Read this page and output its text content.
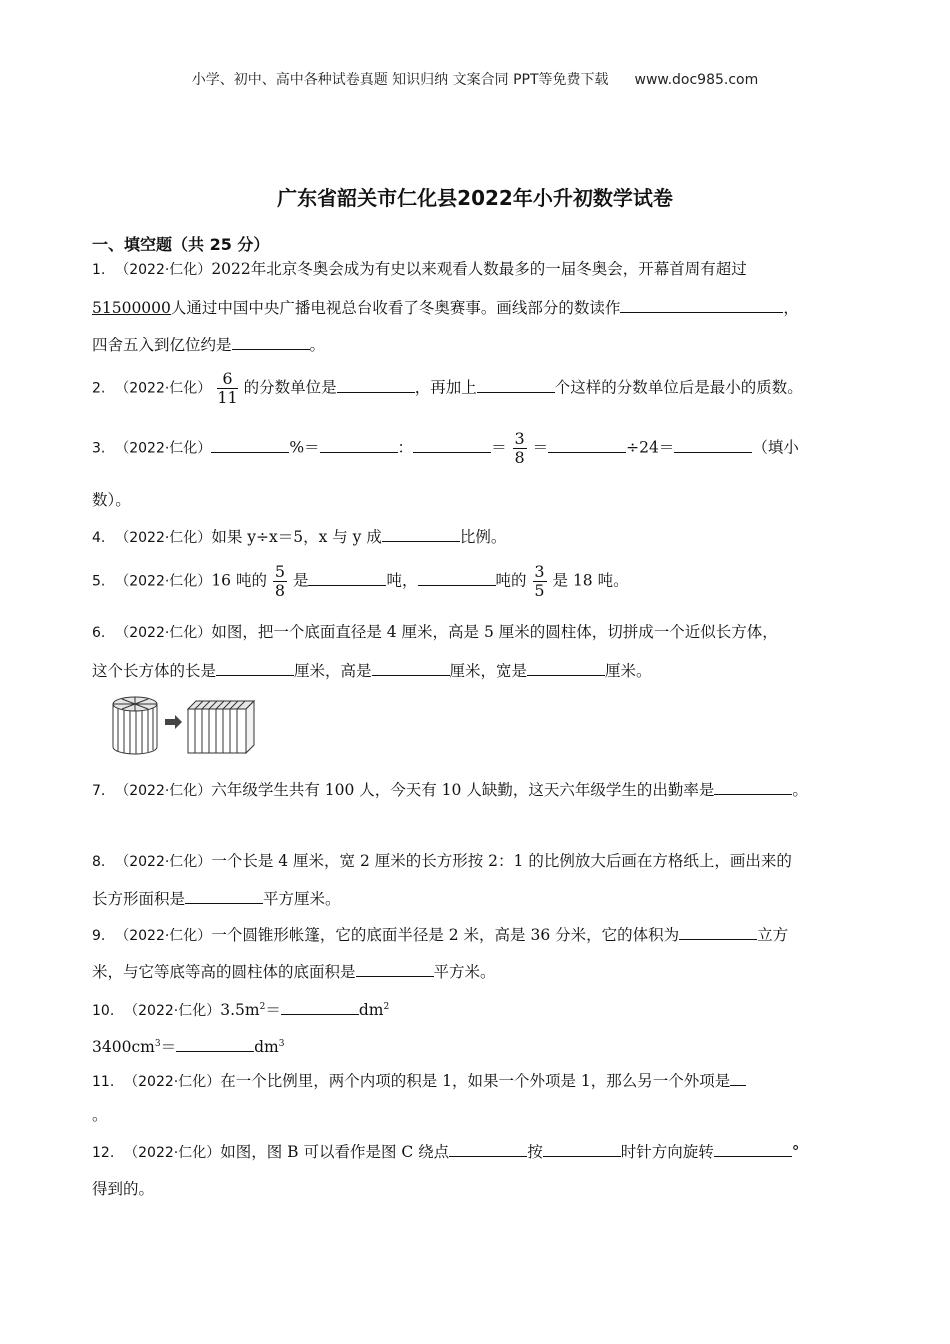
小学、初中、高中各种试卷真题 知识归纳 文案合同 PPT等免费下载 www.doc985.com
广东省韶关市仁化县2022年小升初数学试卷
一、填空题（共 25 分）
1. （2022·仁化）2022年北京冬奥会成为有史以来观看人数最多的一届冬奥会，开幕首周有超过
51500000人通过中国中央广播电视总台收看了冬奥赛事。画线部分的数读作	，
四舍五入到亿位约是	。
2. （2022·仁化） $\frac{6}{11}$ 的分数单位是	，再加上	个这样的分数单位后是最小的质数。
3. （2022·仁化）	%＝	：	＝ $\frac{3}{8}$ ＝	÷24＝	（填小
数）。
4. （2022·仁化）如果 y÷x＝5，x 与 y 成	比例。
5. （2022·仁化）16 吨的 $\frac{5}{8}$ 是	吨，	吨的 $\frac{3}{5}$ 是 18 吨。
6. （2022·仁化）如图，把一个底面直径是 4 厘米，高是 5 厘米的圆柱体，切拼成一个近似长方体，
这个长方体的长是	厘米，高是	厘米，宽是	厘米。
7. （2022·仁化）六年级学生共有 100 人，今天有 10 人缺勤，这天六年级学生的出勤率是	。
8. （2022·仁化）一个长是 4 厘米，宽 2 厘米的长方形按 2：1 的比例放大后画在方格纸上，画出来的
长方形面积是	平方厘米。
9. （2022·仁化）一个圆锥形帐篷，它的底面半径是 2 米，高是 36 分米，它的体积为	立方
米，与它等底等高的圆柱体的底面积是	平方米。
10. （2022·仁化）$3.5m^2=$	$dm^2$
$3400cm^3=$	$dm^3$
11. （2022·仁化）在一个比例里，两个内项的积是 1，如果一个外项是 1，那么另一个外项是
。
12. （2022·仁化）如图，图 B 可以看作是图 C 绕点	按	时针方向旋转	°
得到的。
